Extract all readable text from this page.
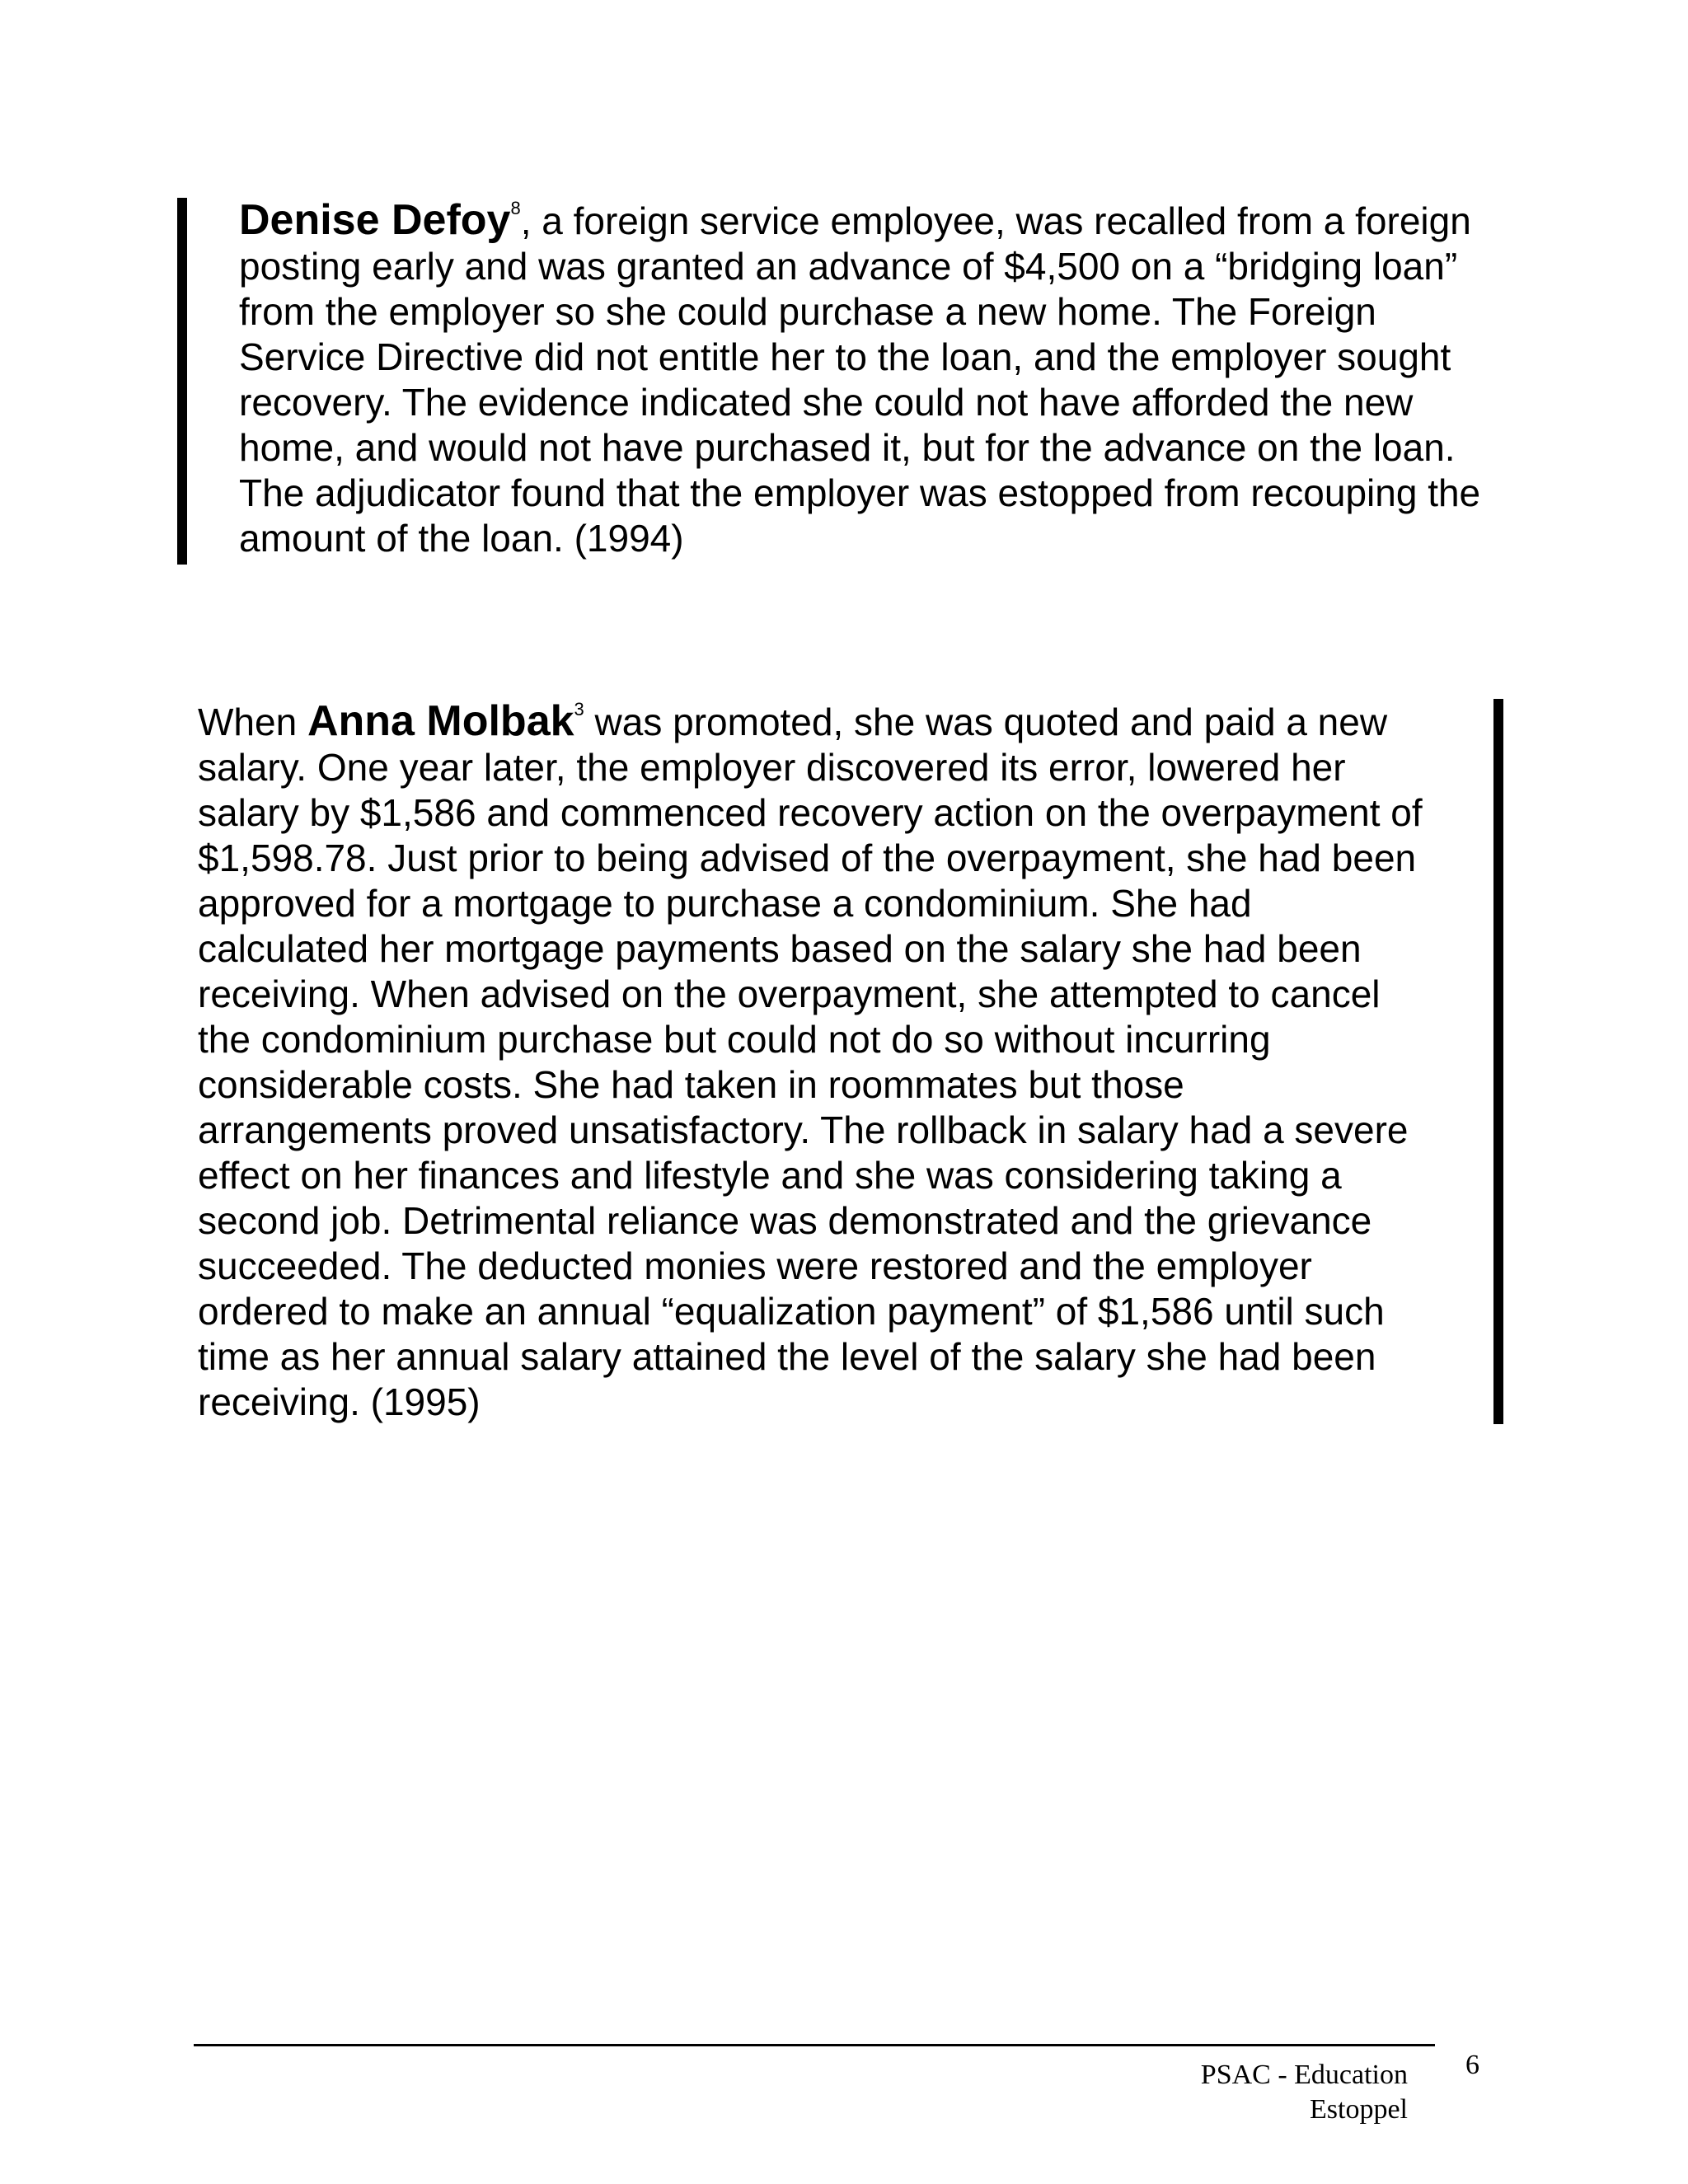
Denise Defoy$^8$, a foreign service employee, was recalled from a foreign
posting early and was granted an advance of $4,500 on a “bridging loan”
from the employer so she could purchase a new home. The Foreign
Service Directive did not entitle her to the loan, and the employer sought
recovery. The evidence indicated she could not have afforded the new
home, and would not have purchased it, but for the advance on the loan.
The adjudicator found that the employer was estopped from recouping the
amount of the loan. (1994)
When Anna Molbak$^3$ was promoted, she was quoted and paid a new
salary. One year later, the employer discovered its error, lowered her
salary by $1,586 and commenced recovery action on the overpayment of
$1,598.78. Just prior to being advised of the overpayment, she had been
approved for a mortgage to purchase a condominium. She had
calculated her mortgage payments based on the salary she had been
receiving. When advised on the overpayment, she attempted to cancel
the condominium purchase but could not do so without incurring
considerable costs. She had taken in roommates but those
arrangements proved unsatisfactory. The rollback in salary had a severe
effect on her finances and lifestyle and she was considering taking a
second job. Detrimental reliance was demonstrated and the grievance
succeeded. The deducted monies were restored and the employer
ordered to make an annual “equalization payment” of $1,586 until such
time as her annual salary attained the level of the salary she had been
receiving. (1995)
PSAC - Education
Estoppel
6
